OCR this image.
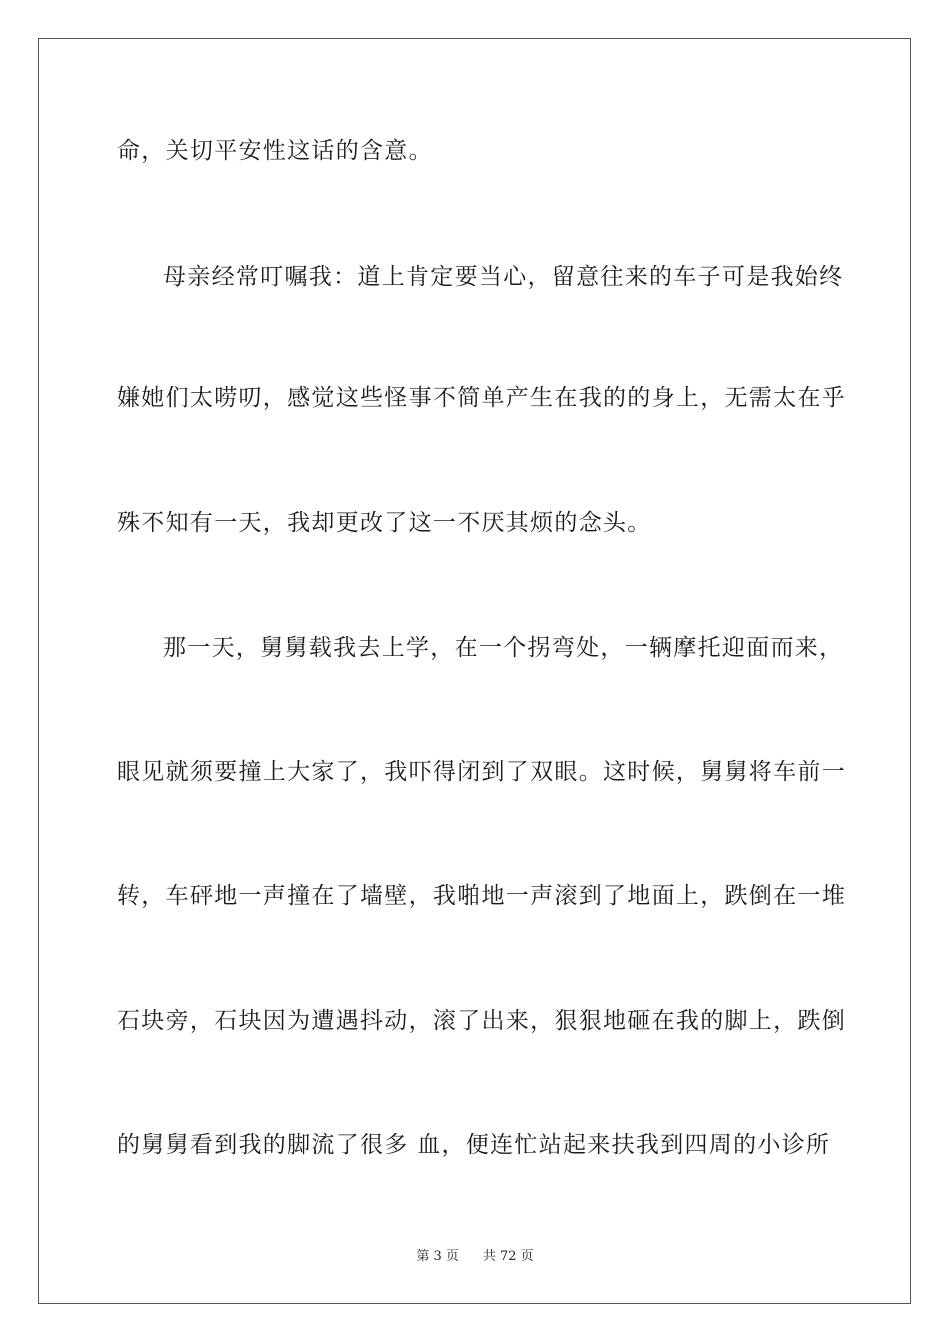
命，关切平安性这话的含意。
母亲经常叮嘱我：道上肯定要当心，留意往来的车子可是我始终
嫌她们太唠叨，感觉这些怪事不简单产生在我的的身上，无需太在乎
殊不知有一天，我却更改了这一不厌其烦的念头。
那一天，舅舅载我去上学，在一个拐弯处，一辆摩托迎面而来，
眼见就须要撞上大家了，我吓得闭到了双眼。这时候，舅舅将车前一
转，车砰地一声撞在了墙壁，我啪地一声滚到了地面上，跌倒在一堆
石块旁，石块因为遭遇抖动，滚了出来，狠狠地砸在我的脚上，跌倒
的舅舅看到我的脚流了很多 血，便连忙站起来扶我到四周的小诊所
第 3 页 共 72 页
